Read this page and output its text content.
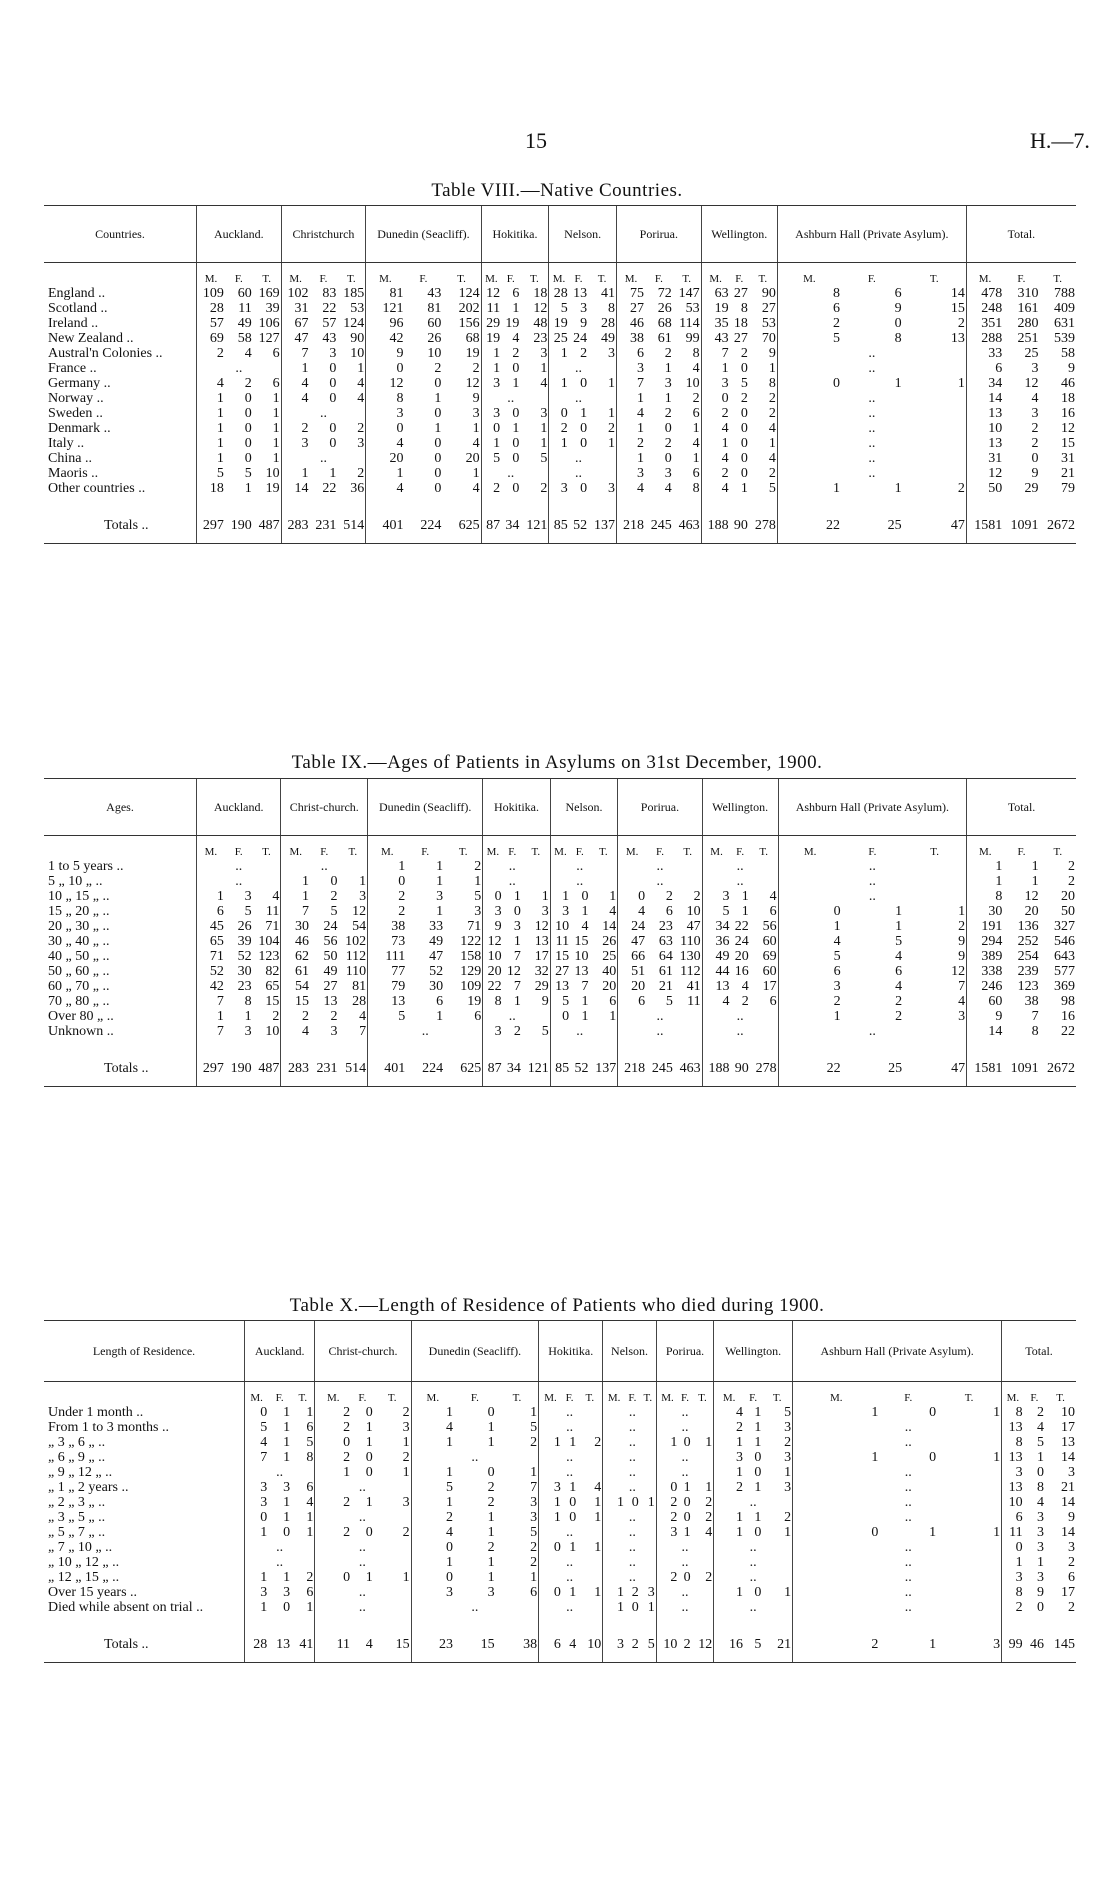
15	H.—7.
Table VIII.—Native Countries.
Countries.	Auckland.			Christchurch			Dunedin (Seacliff).			Hokitika.			Nelson.			Porirua.			Wellington.			Ashburn Hall (Private Asylum).			Total.		
	M.	F.	T.	M.	F.	T.	M.	F.	T.	M.	F.	T.	M.	F.	T.	M.	F.	T.	M.	F.	T.	M.	F.	T.	M.	F.	T.
England ..	109	60	169	102	83	185	81	43	124	12	6	18	28	13	41	75	72	147	63	27	90	8	6	14	478	310	788
Scotland ..	28	11	39	31	22	53	121	81	202	11	1	12	5	3	8	27	26	53	19	8	27	6	9	15	248	161	409
Ireland ..	57	49	106	67	57	124	96	60	156	29	19	48	19	9	28	46	68	114	35	18	53	2	0	2	351	280	631
New Zealand ..	69	58	127	47	43	90	42	26	68	19	4	23	25	24	49	38	61	99	43	27	70	5	8	13	288	251	539
Austral'n Colonies ..	2	4	6	7	3	10	9	10	19	1	2	3	1	2	3	6	2	8	7	2	9		..		33	25	58
France ..		..		1	0	1	0	2	2	1	0	1		..		3	1	4	1	0	1		..		6	3	9
Germany ..	4	2	6	4	0	4	12	0	12	3	1	4	1	0	1	7	3	10	3	5	8	0	1	1	34	12	46
Norway ..	1	0	1	4	0	4	8	1	9		..			..		1	1	2	0	2	2		..		14	4	18
Sweden ..	1	0	1		..		3	0	3	3	0	3	0	1	1	4	2	6	2	0	2		..		13	3	16
Denmark ..	1	0	1	2	0	2	0	1	1	0	1	1	2	0	2	1	0	1	4	0	4		..		10	2	12
Italy ..	1	0	1	3	0	3	4	0	4	1	0	1	1	0	1	2	2	4	1	0	1		..		13	2	15
China ..	1	0	1		..		20	0	20	5	0	5		..		1	0	1	4	0	4		..		31	0	31
Maoris ..	5	5	10	1	1	2	1	0	1		..			..		3	3	6	2	0	2		..		12	9	21
Other countries ..	18	1	19	14	22	36	4	0	4	2	0	2	3	0	3	4	4	8	4	1	5	1	1	2	50	29	79
Totals ..	297	190	487	283	231	514	401	224	625	87	34	121	85	52	137	218	245	463	188	90	278	22	25	47	1581	1091	2672
Table IX.—Ages of Patients in Asylums on 31st December, 1900.
Ages.	Auckland.			Christ-church.			Dunedin (Seacliff).			Hokitika.			Nelson.			Porirua.			Wellington.			Ashburn Hall (Private Asylum).			Total.		
	M.	F.	T.	M.	F.	T.	M.	F.	T.	M.	F.	T.	M.	F.	T.	M.	F.	T.	M.	F.	T.	M.	F.	T.	M.	F.	T.
1 to 5 years ..		..			..		1	1	2		..			..			..			..			..		1	1	2
5 „ 10 „ ..		..		1	0	1	0	1	1		..			..			..			..			..		1	1	2
10 „ 15 „ ..	1	3	4	1	2	3	2	3	5	0	1	1	1	0	1	0	2	2	3	1	4		..		8	12	20
15 „ 20 „ ..	6	5	11	7	5	12	2	1	3	3	0	3	3	1	4	4	6	10	5	1	6	0	1	1	30	20	50
20 „ 30 „ ..	45	26	71	30	24	54	38	33	71	9	3	12	10	4	14	24	23	47	34	22	56	1	1	2	191	136	327
30 „ 40 „ ..	65	39	104	46	56	102	73	49	122	12	1	13	11	15	26	47	63	110	36	24	60	4	5	9	294	252	546
40 „ 50 „ ..	71	52	123	62	50	112	111	47	158	10	7	17	15	10	25	66	64	130	49	20	69	5	4	9	389	254	643
50 „ 60 „ ..	52	30	82	61	49	110	77	52	129	20	12	32	27	13	40	51	61	112	44	16	60	6	6	12	338	239	577
60 „ 70 „ ..	42	23	65	54	27	81	79	30	109	22	7	29	13	7	20	20	21	41	13	4	17	3	4	7	246	123	369
70 „ 80 „ ..	7	8	15	15	13	28	13	6	19	8	1	9	5	1	6	6	5	11	4	2	6	2	2	4	60	38	98
Over 80 „ ..	1	1	2	2	2	4	5	1	6		..		0	1	1		..			..		1	2	3	9	7	16
Unknown ..	7	3	10	4	3	7		..		3	2	5		..			..			..			..		14	8	22
Totals ..	297	190	487	283	231	514	401	224	625	87	34	121	85	52	137	218	245	463	188	90	278	22	25	47	1581	1091	2672
Table X.—Length of Residence of Patients who died during 1900.
Length of Residence.	Auckland.			Christ-church.			Dunedin (Seacliff).			Hokitika.			Nelson.			Porirua.			Wellington.			Ashburn Hall (Private Asylum).			Total.		
	M.	F.	T.	M.	F.	T.	M.	F.	T.	M.	F.	T.	M.	F.	T.	M.	F.	T.	M.	F.	T.	M.	F.	T.	M.	F.	T.
Under 1 month ..	0	1	1	2	0	2	1	0	1		..			..			..		4	1	5	1	0	1	8	2	10
From 1 to 3 months ..	5	1	6	2	1	3	4	1	5		..			..			..		2	1	3		..		13	4	17
„ 3 „ 6 „ ..	4	1	5	0	1	1	1	1	2	1	1	2		..		1	0	1	1	1	2		..		8	5	13
„ 6 „ 9 „ ..	7	1	8	2	0	2		..			..			..			..		3	0	3	1	0	1	13	1	14
„ 9 „ 12 „ ..		..		1	0	1	1	0	1		..			..			..		1	0	1		..		3	0	3
„ 1 „ 2 years ..	3	3	6		..		5	2	7	3	1	4		..		0	1	1	2	1	3		..		13	8	21
„ 2 „ 3 „ ..	3	1	4	2	1	3	1	2	3	1	0	1	1	0	1	2	0	2		..			..		10	4	14
„ 3 „ 5 „ ..	0	1	1		..		2	1	3	1	0	1		..		2	0	2	1	1	2		..		6	3	9
„ 5 „ 7 „ ..	1	0	1	2	0	2	4	1	5		..			..		3	1	4	1	0	1	0	1	1	11	3	14
„ 7 „ 10 „ ..		..			..		0	2	2	0	1	1		..			..			..			..		0	3	3
„ 10 „ 12 „ ..		..			..		1	1	2		..			..			..			..			..		1	1	2
„ 12 „ 15 „ ..	1	1	2	0	1	1	0	1	1		..			..		2	0	2		..			..		3	3	6
Over 15 years ..	3	3	6		..		3	3	6	0	1	1	1	2	3		..		1	0	1		..		8	9	17
Died while absent on trial ..	1	0	1		..			..			..		1	0	1		..			..			..		2	0	2
Totals ..	28	13	41	11	4	15	23	15	38	6	4	10	3	2	5	10	2	12	16	5	21	2	1	3	99	46	145
